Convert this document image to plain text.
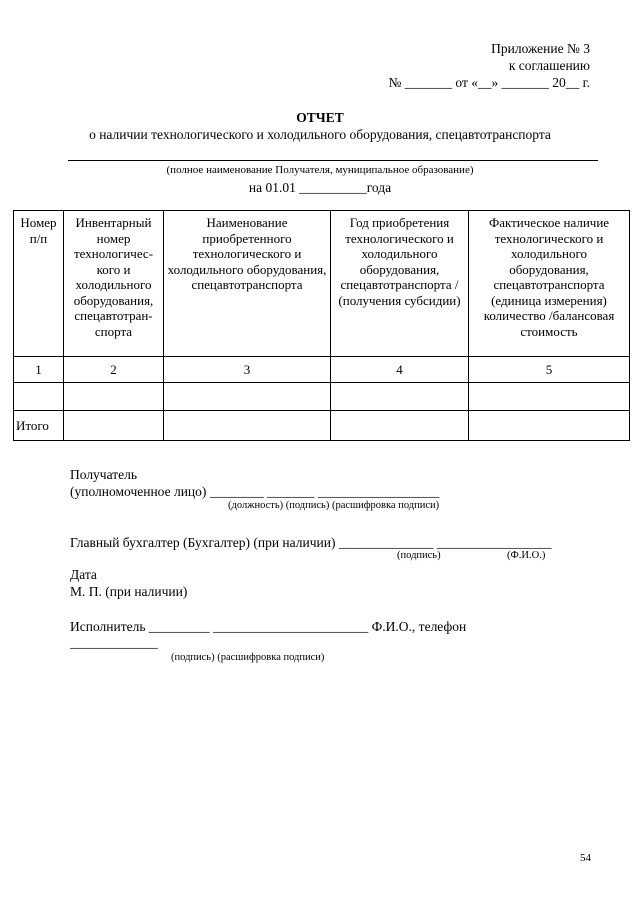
Приложение № 3
к соглашению
№ _______ от «__» _______ 20__ г.
ОТЧЕТ
о наличии технологического и холодильного оборудования, спецавтотранспорта
(полное наименование Получателя, муниципальное образование)
на 01.01 __________года
Номер п/п	Инвентарный номер технологичес-кого и холодильного оборудования, спецавтотран-спорта	Наименование приобретенного технологического и холодильного оборудования, спецавтотранспорта	Год приобретения технологического и холодильного оборудования, спецавтотранспорта / (получения субсидии)	Фактическое наличие технологического и холодильного оборудования, спецавтотранспорта (единица измерения) количество /балансовая стоимость
1	2	3	4	5

Итого				
Получатель
(уполномоченное лицо) ________ _______ __________________
(должность) (подпись) (расшифровка подписи)
Главный бухгалтер (Бухгалтер) (при наличии) ______________ _________________
(подпись)	(Ф.И.О.)
Дата
М. П. (при наличии)
Исполнитель _________ _______________________ Ф.И.О., телефон
_____________
(подпись) (расшифровка подписи)
54
